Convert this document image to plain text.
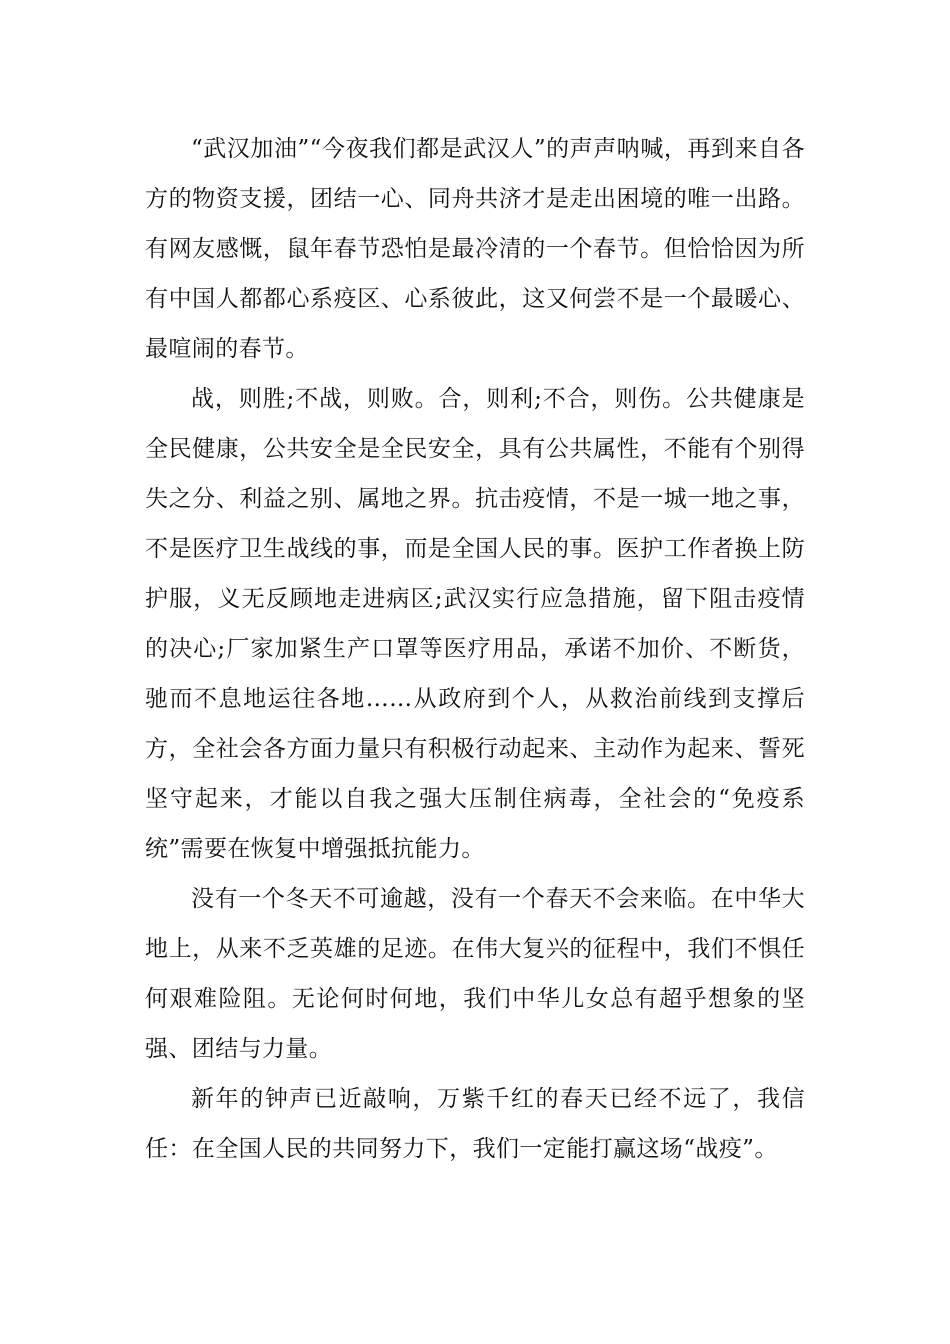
“武汉加油”“今夜我们都是武汉人”的声声呐喊，再到来自各方的物资支援，团结一心、同舟共济才是走出困境的唯一出路。有网友感慨，鼠年春节恐怕是最冷清的一个春节。但恰恰因为所有中国人都都心系疫区、心系彼此，这又何尝不是一个最暖心、最喧闹的春节。

战，则胜;不战，则败。合，则利;不合，则伤。公共健康是全民健康，公共安全是全民安全，具有公共属性，不能有个别得失之分、利益之别、属地之界。抗击疫情，不是一城一地之事，不是医疗卫生战线的事，而是全国人民的事。医护工作者换上防护服，义无反顾地走进病区;武汉实行应急措施，留下阻击疫情的决心;厂家加紧生产口罩等医疗用品，承诺不加价、不断货，驰而不息地运往各地……从政府到个人，从救治前线到支撑后方，全社会各方面力量只有积极行动起来、主动作为起来、誓死坚守起来，才能以自我之强大压制住病毒，全社会的“免疫系统”需要在恢复中增强抵抗能力。

没有一个冬天不可逾越，没有一个春天不会来临。在中华大地上，从来不乏英雄的足迹。在伟大复兴的征程中，我们不惧任何艰难险阻。无论何时何地，我们中华儿女总有超乎想象的坚强、团结与力量。

新年的钟声已近敲响，万紫千红的春天已经不远了，我信任：在全国人民的共同努力下，我们一定能打赢这场“战疫”。
